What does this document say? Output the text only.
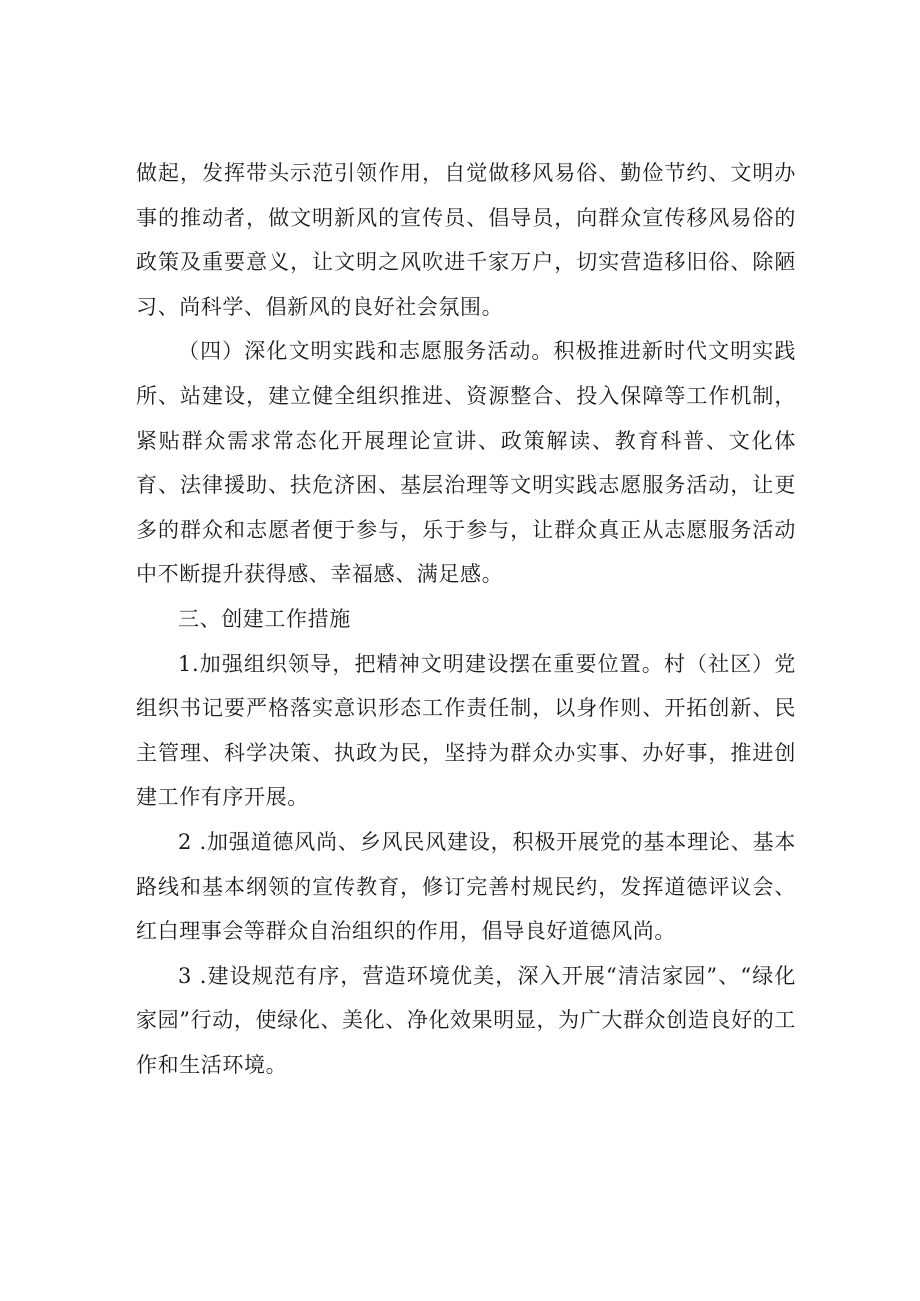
做起，发挥带头示范引领作用，自觉做移风易俗、勤俭节约、文明办事的推动者，做文明新风的宣传员、倡导员，向群众宣传移风易俗的政策及重要意义，让文明之风吹进千家万户，切实营造移旧俗、除陋习、尚科学、倡新风的良好社会氛围。

（四）深化文明实践和志愿服务活动。积极推进新时代文明实践所、站建设，建立健全组织推进、资源整合、投入保障等工作机制，紧贴群众需求常态化开展理论宣讲、政策解读、教育科普、文化体育、法律援助、扶危济困、基层治理等文明实践志愿服务活动，让更多的群众和志愿者便于参与，乐于参与，让群众真正从志愿服务活动中不断提升获得感、幸福感、满足感。

三、创建工作措施

1.加强组织领导，把精神文明建设摆在重要位置。村（社区）党组织书记要严格落实意识形态工作责任制，以身作则、开拓创新、民主管理、科学决策、执政为民，坚持为群众办实事、办好事，推进创建工作有序开展。

2 .加强道德风尚、乡风民风建设，积极开展党的基本理论、基本路线和基本纲领的宣传教育，修订完善村规民约，发挥道德评议会、红白理事会等群众自治组织的作用，倡导良好道德风尚。

3 .建设规范有序，营造环境优美，深入开展“清洁家园”、“绿化家园”行动，使绿化、美化、净化效果明显，为广大群众创造良好的工作和生活环境。
